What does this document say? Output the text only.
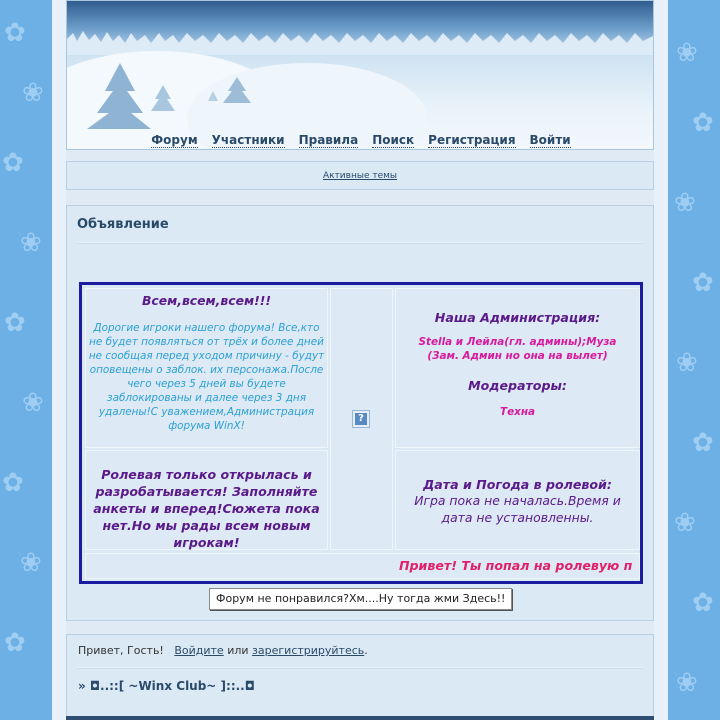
✿
❀
✿
❀
✿
❀
✿
❀
✿
❀
✿
❀
✿
❀
✿
❀
✿
❀
Форум Участники Правила Поиск Регистрация Войти
Активные темы
Объявление
Всем,всем,всем!!!
Дорогие игроки нашего форума! Все,кто не будет появляться от трёх и более дней не сообщая перед уходом причину - будут оповещены о заблок. их персонажа.После чего через 5 дней вы будете заблокированы и далее через 3 дня удалены!С уважением,Администрация форума WinX!
Ролевая только открылась и разробатывается! Заполняйте анкеты и вперед!Сюжета пока нет.Но мы рады всем новым игрокам!
?
Наша Администрация:
Stella и Лейла(гл. админы);Муза (Зам. Админ но она на вылет)
Модераторы:
Техна
Дата и Погода в ролевой:
Игра пока не началась.Время и дата не установленны.
Привет! Ты попал на ролевую п
Форум не понравился?Хм....Ну тогда жми Здесь!!
Привет, Гость! Войдите или зарегистрируйтесь.
» ◘..::[ ~Winx Club~ ]::..◘
